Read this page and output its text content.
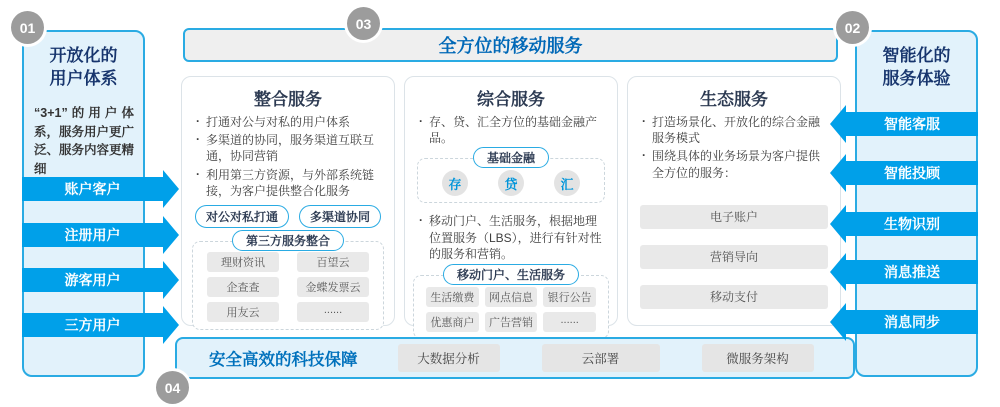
01	02
03
04
开放化的
用户体系
“3+1”的用户体系，服务用户更广泛、服务内容更精细
账户客户
注册用户
游客用户
三方用户
智能化的
服务体验
智能客服
智能投顾
生物识别
消息推送
消息同步
全方位的移动服务
整合服务
· 打通对公与对私的用户体系
· 多渠道的协同，服务渠道互联互通，协同营销
· 利用第三方资源，与外部系统链接，为客户提供整合化服务
对公对私打通	多渠道协同
第三方服务整合
理财资讯	百望云
企查查	金蝶发票云
用友云	......
综合服务
· 存、贷、汇全方位的基础金融产品。
基础金融
存	贷	汇
· 移动门户、生活服务，根据地理位置服务（LBS），进行有针对性的服务和营销。
移动门户、生活服务
生活缴费	网点信息	银行公告
优惠商户	广告营销	......
生态服务
· 打造场景化、开放化的综合金融服务模式
· 围绕具体的业务场景为客户提供全方位的服务：
电子账户
营销导向
移动支付
安全高效的科技保障	大数据分析	云部署	微服务架构
